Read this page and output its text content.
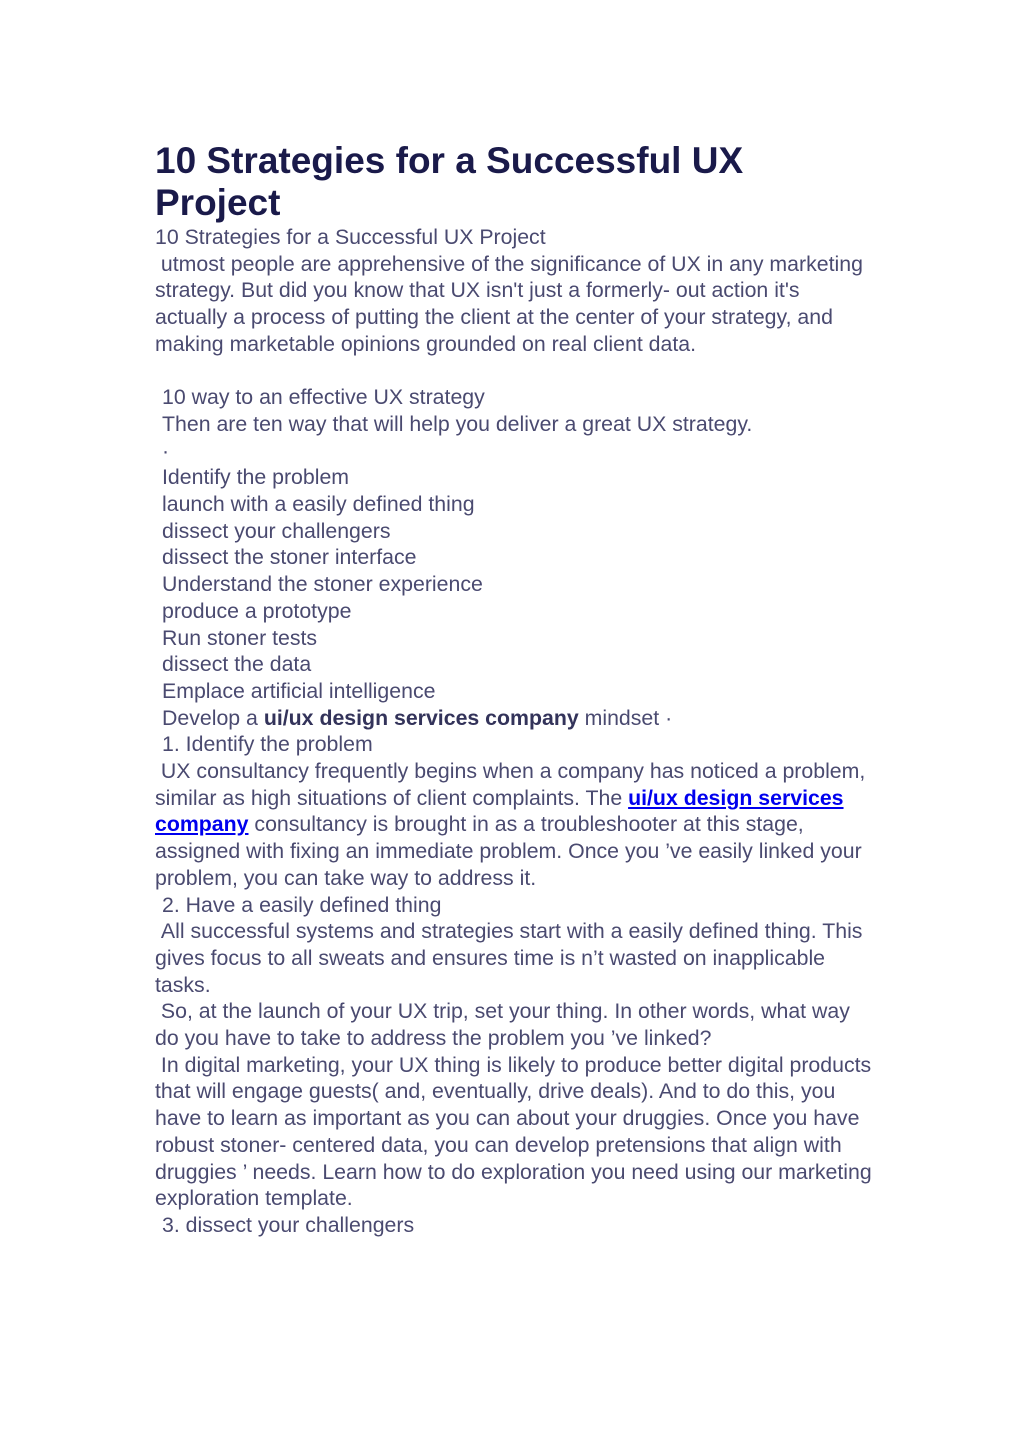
10 Strategies for a Successful UX Project

10 Strategies for a Successful UX Project

utmost people are apprehensive of the significance of UX in any marketing strategy. But did you know that UX isn't just a formerly- out action it's actually a process of putting the client at the center of your strategy, and making marketable opinions grounded on real client data.

10 way to an effective UX strategy

Then are ten way that will help you deliver a great UX strategy.

·

Identify the problem

launch with a easily defined thing

dissect your challengers

dissect the stoner interface

Understand the stoner experience

produce a prototype

Run stoner tests

dissect the data

Emplace artificial intelligence

Develop a ui/ux design services company mindset ·

1. Identify the problem

UX consultancy frequently begins when a company has noticed a problem, similar as high situations of client complaints. The ui/ux design services company consultancy is brought in as a troubleshooter at this stage, assigned with fixing an immediate problem. Once you ’ve easily linked your problem, you can take way to address it.

2. Have a easily defined thing

All successful systems and strategies start with a easily defined thing. This gives focus to all sweats and ensures time is n’t wasted on inapplicable tasks.

So, at the launch of your UX trip, set your thing. In other words, what way do you have to take to address the problem you ’ve linked?

In digital marketing, your UX thing is likely to produce better digital products that will engage guests( and, eventually, drive deals). And to do this, you have to learn as important as you can about your druggies. Once you have robust stoner- centered data, you can develop pretensions that align with druggies ’ needs. Learn how to do exploration you need using our marketing exploration template.

3. dissect your challengers
